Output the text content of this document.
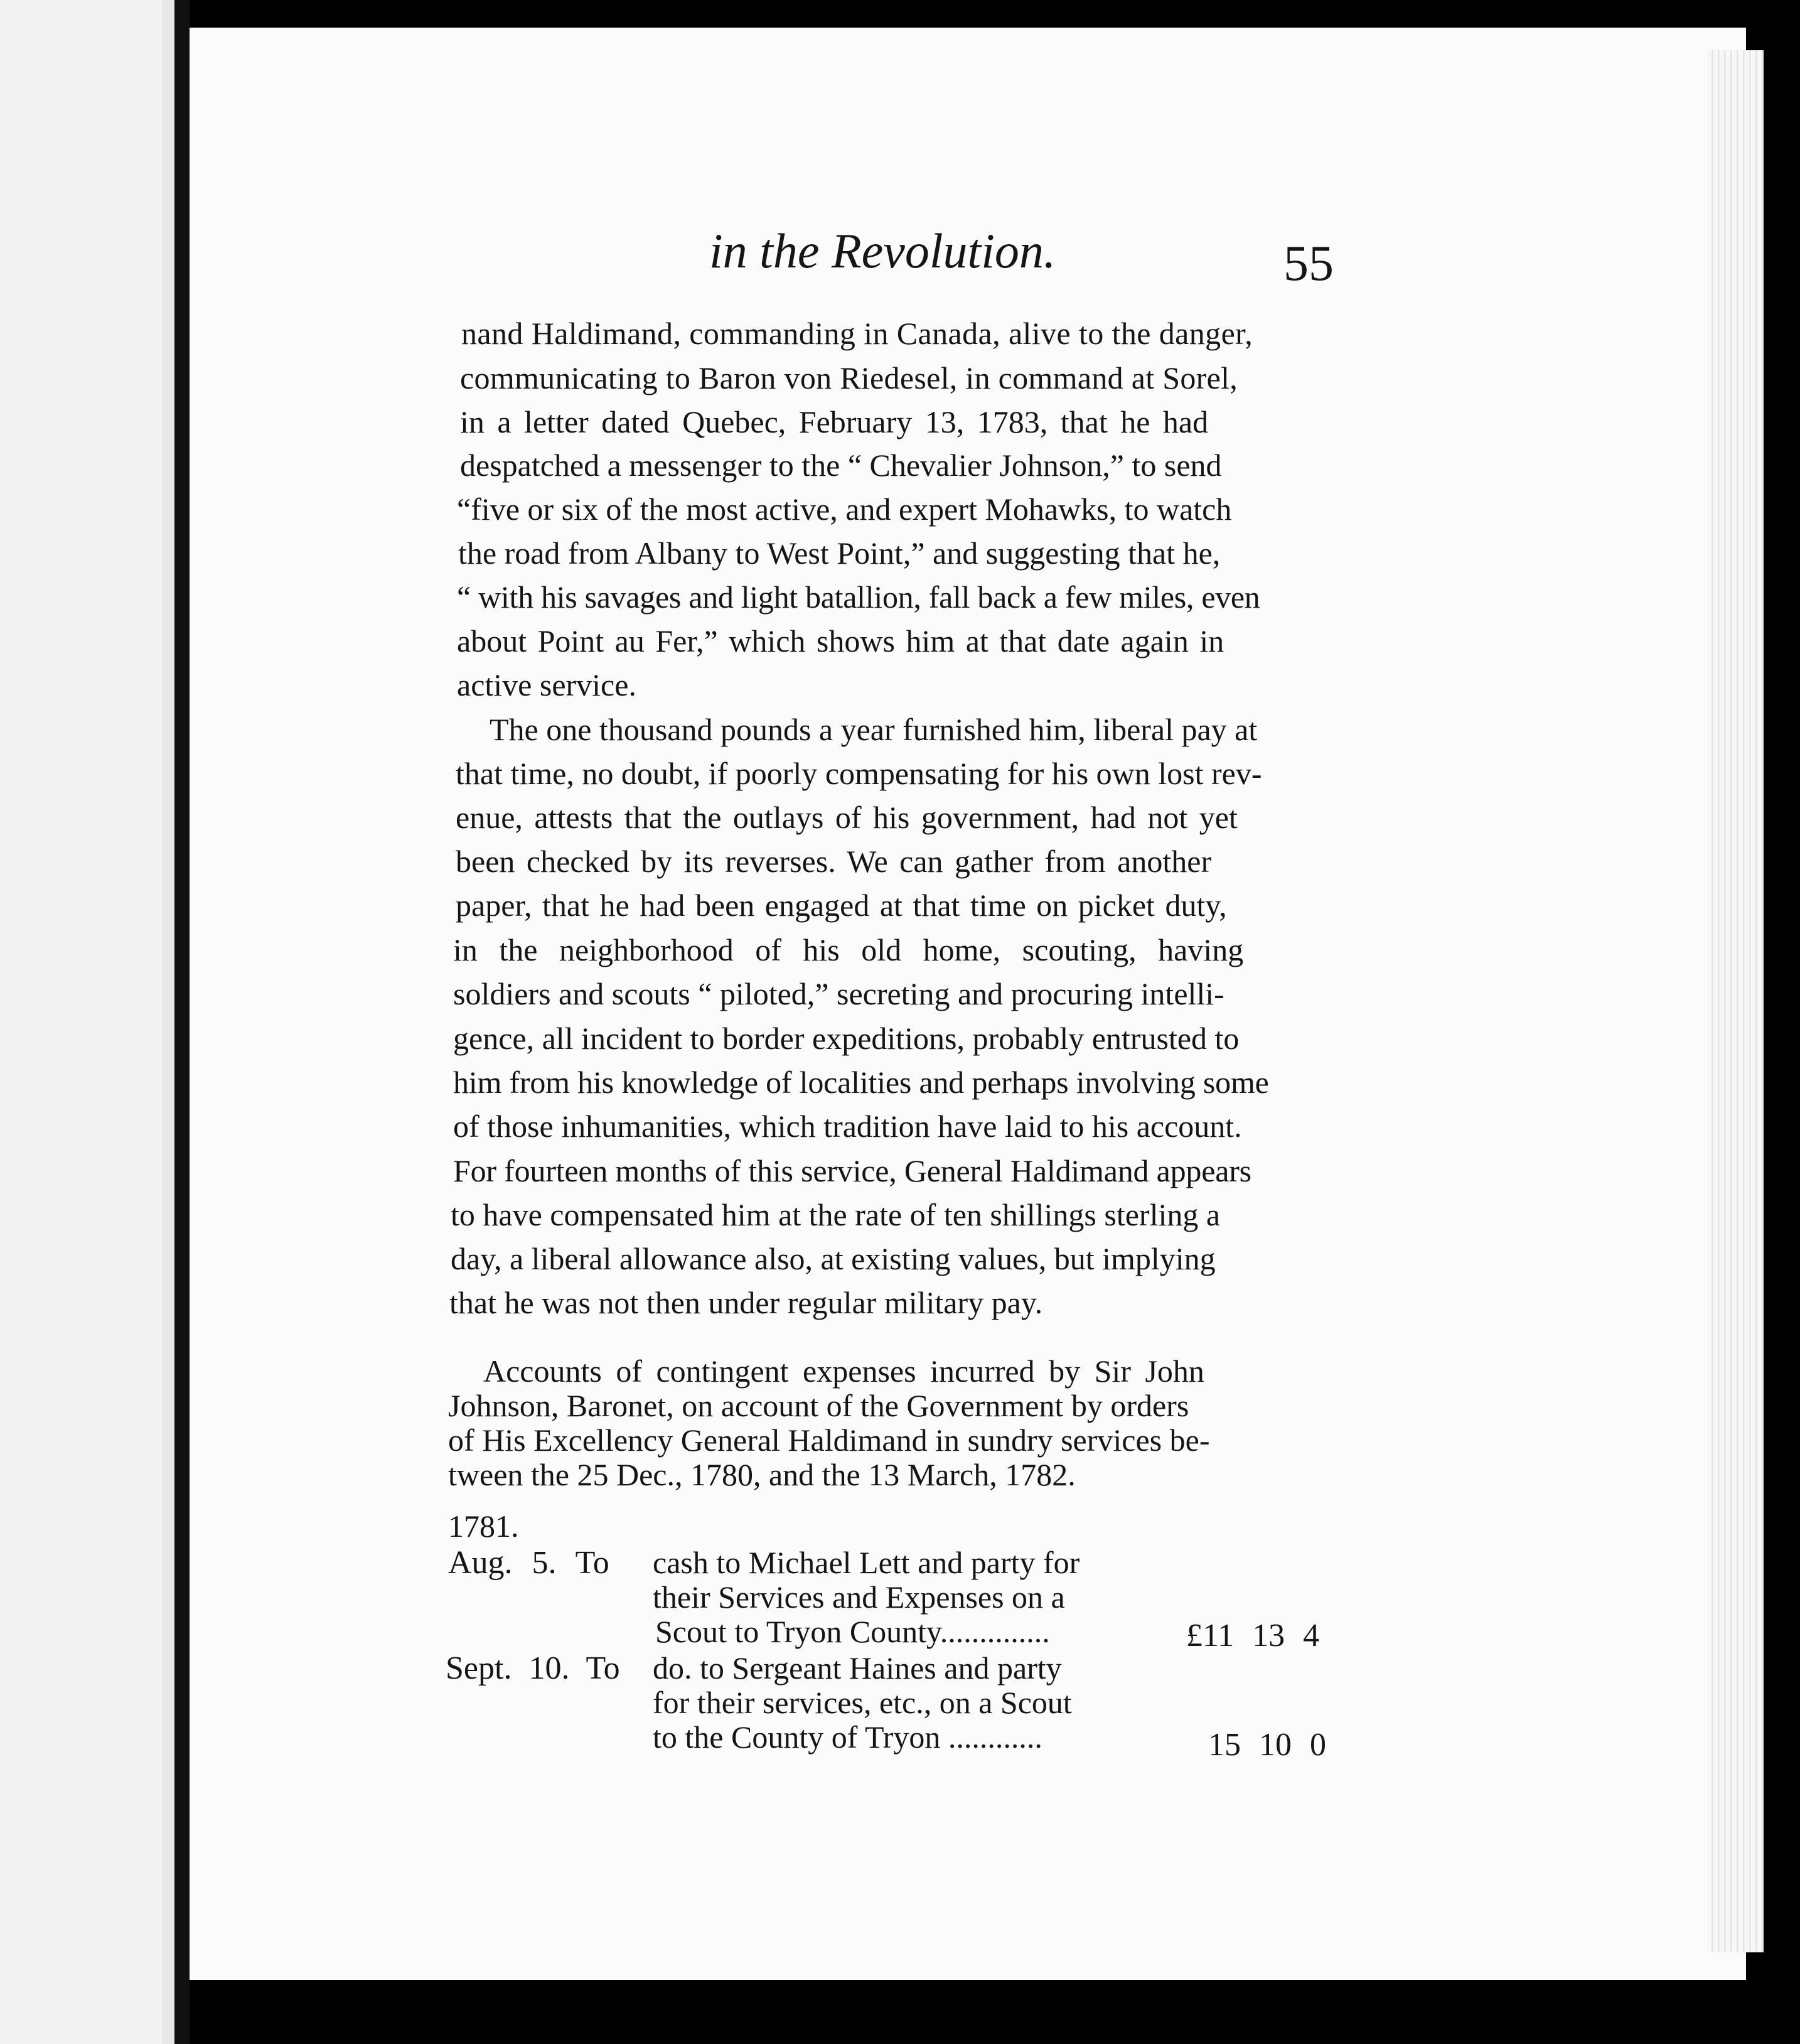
in the Revolution.	55
nand Haldimand, commanding in Canada, alive to the danger,
communicating to Baron von Riedesel, in command at Sorel,
in a letter dated Quebec, February 13, 1783, that he had
despatched a messenger to the “ Chevalier Johnson,” to send
“five or six of the most active, and expert Mohawks, to watch
the road from Albany to West Point,” and suggesting that he,
“ with his savages and light batallion, fall back a few miles, even
about Point au Fer,” which shows him at that date again in
active service.
The one thousand pounds a year furnished him, liberal pay at
that time, no doubt, if poorly compensating for his own lost rev-
enue, attests that the outlays of his government, had not yet
been checked by its reverses. We can gather from another
paper, that he had been engaged at that time on picket duty,
in the neighborhood of his old home, scouting, having
soldiers and scouts “ piloted,” secreting and procuring intelli-
gence, all incident to border expeditions, probably entrusted to
him from his knowledge of localities and perhaps involving some
of those inhumanities, which tradition have laid to his account.
For fourteen months of this service, General Haldimand appears
to have compensated him at the rate of ten shillings sterling a
day, a liberal allowance also, at existing values, but implying
that he was not then under regular military pay.
Accounts of contingent expenses incurred by Sir John
Johnson, Baronet, on account of the Government by orders
of His Excellency General Haldimand in sundry services be-
tween the 25 Dec., 1780, and the 13 March, 1782.
1781.
Aug. 5. To cash to Michael Lett and party for
their Services and Expenses on a
Scout to Tryon County..............	£11 13 4
Sept. 10. To do. to Sergeant Haines and party
for their services, etc., on a Scout
to the County of Tryon ............	15 10 0
